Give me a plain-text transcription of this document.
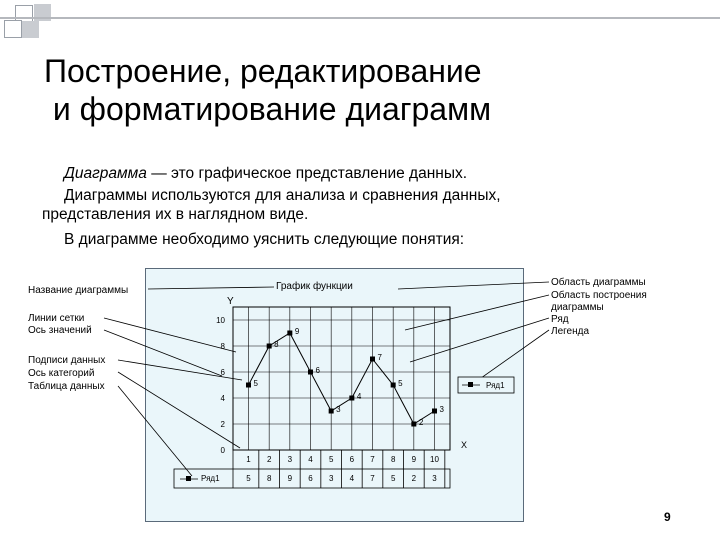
Построение, редактирование
и форматирование диаграмм
Диаграмма — это графическое представление данных.
Диаграммы используются для анализа и сравнения данных,
представления их в наглядном виде.
В диаграмме необходимо уяснить следующие понятия:
Название диаграммы
Линии сетки
Ось значений
Подписи данных
Ось категорий
Таблица данных
Область диаграммы
Область построения
диаграммы
Ряд
Легенда
График функции
Y
X
0
2
4
6
8
10
1
5
2
8
3
9
4
6
5
3
6
4
7
7
8
5
9
2
10
3
Ряд1
5
8
9
6
3
4
7
5
2
3
Ряд1
9
